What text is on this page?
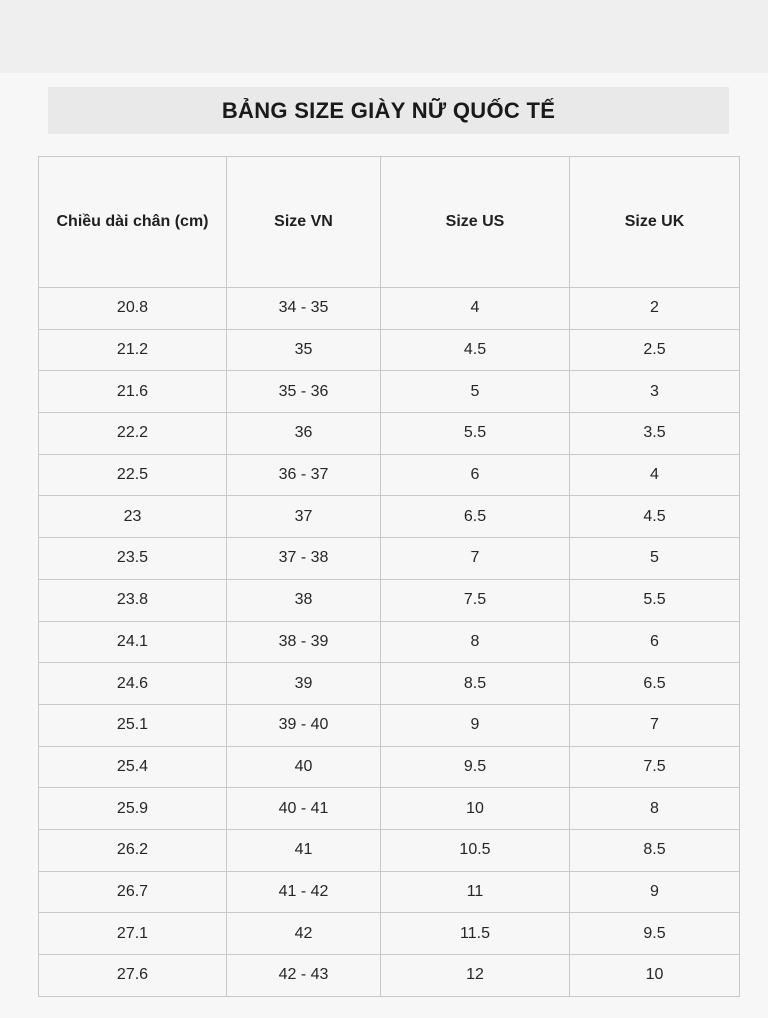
BẢNG SIZE GIÀY NỮ QUỐC TẾ
Chiều dài chân (cm)	Size VN	Size US	Size UK
20.8	34 - 35	4	2
21.2	35	4.5	2.5
21.6	35 - 36	5	3
22.2	36	5.5	3.5
22.5	36 - 37	6	4
23	37	6.5	4.5
23.5	37 - 38	7	5
23.8	38	7.5	5.5
24.1	38 - 39	8	6
24.6	39	8.5	6.5
25.1	39 - 40	9	7
25.4	40	9.5	7.5
25.9	40 - 41	10	8
26.2	41	10.5	8.5
26.7	41 - 42	11	9
27.1	42	11.5	9.5
27.6	42 - 43	12	10
